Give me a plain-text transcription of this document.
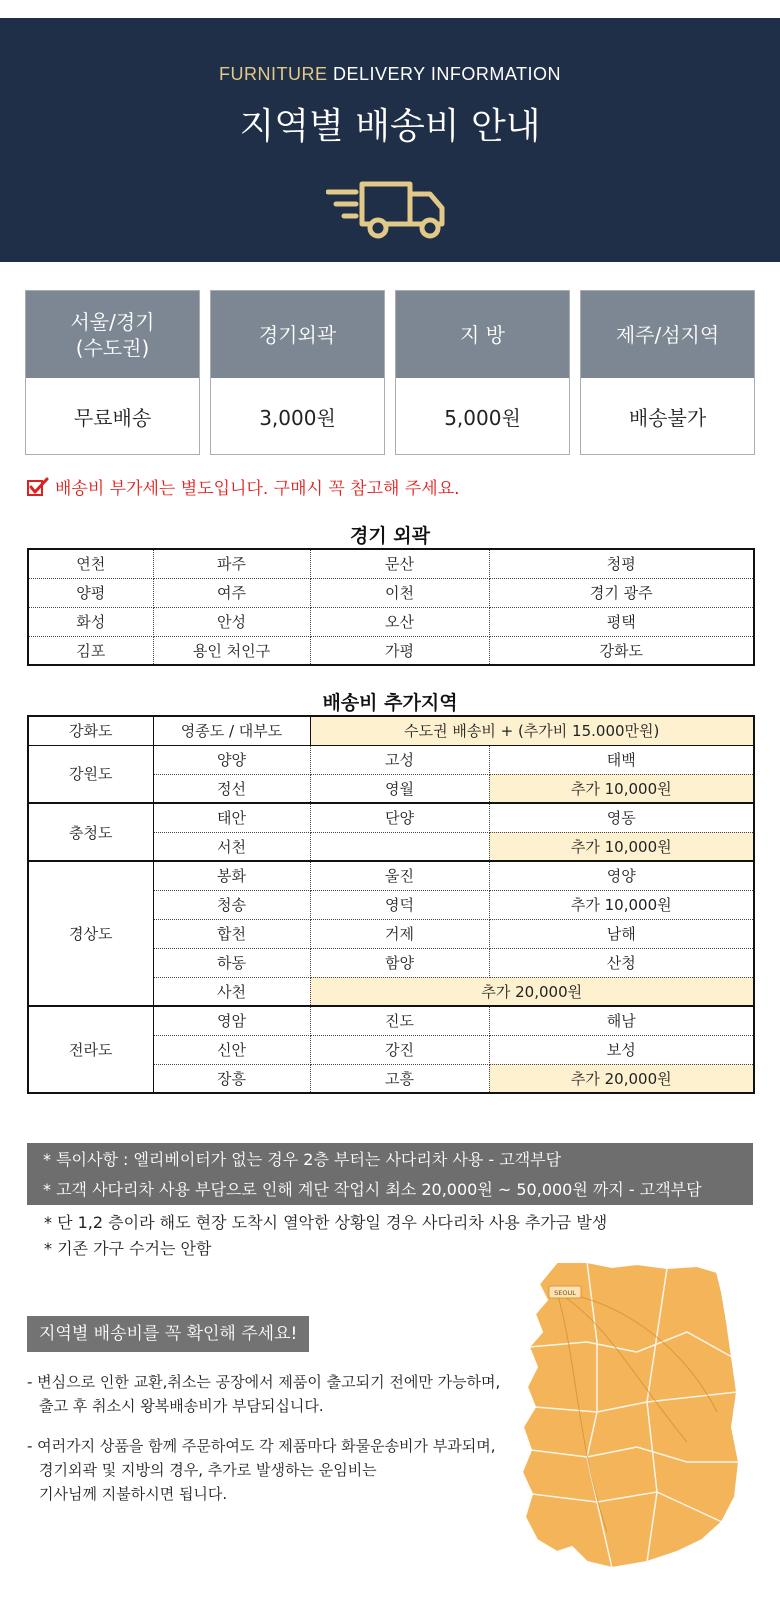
FURNITURE DELIVERY INFORMATION
지역별 배송비 안내
서울/경기
(수도권)
무료배송
경기외곽
3,000원
지 방
5,000원
제주/섬지역
배송불가
배송비 부가세는 별도입니다. 구매시 꼭 참고해 주세요.
경기 외곽
연천	파주	문산	청평
양평	여주	이천	경기 광주
화성	안성	오산	평택
김포	용인 처인구	가평	강화도
배송비 추가지역
강화도	영종도 / 대부도	수도권 배송비 + (추가비 15.000만원)	
강원도	양양	고성	태백
	정선	영월	추가 10,000원
충청도	태안	단양	영동
	서천		추가 10,000원
경상도	봉화	울진	영양
	청송	영덕	추가 10,000원
	합천	거제	남해
	하동	함양	산청
	사천	추가 20,000원	
전라도	영암	진도	해남
	신안	강진	보성
	장흥	고흥	추가 20,000원
* 특이사항 : 엘리베이터가 없는 경우 2층 부터는 사다리차 사용 - 고객부담
* 고객 사다리차 사용 부담으로 인해 계단 작업시 최소 20,000원 ~ 50,000원 까지 - 고객부담
* 단 1,2 층이라 해도 현장 도착시 열악한 상황일 경우 사다리차 사용 추가금 발생
* 기존 가구 수거는 안함
지역별 배송비를 꼭 확인해 주세요!
- 변심으로 인한 교환,취소는 공장에서 제품이 출고되기 전에만 가능하며,
출고 후 취소시 왕복배송비가 부담되십니다.
- 여러가지 상품을 함께 주문하여도 각 제품마다 화물운송비가 부과되며,
경기외곽 및 지방의 경우, 추가로 발생하는 운임비는
기사님께 지불하시면 됩니다.
SEOUL
